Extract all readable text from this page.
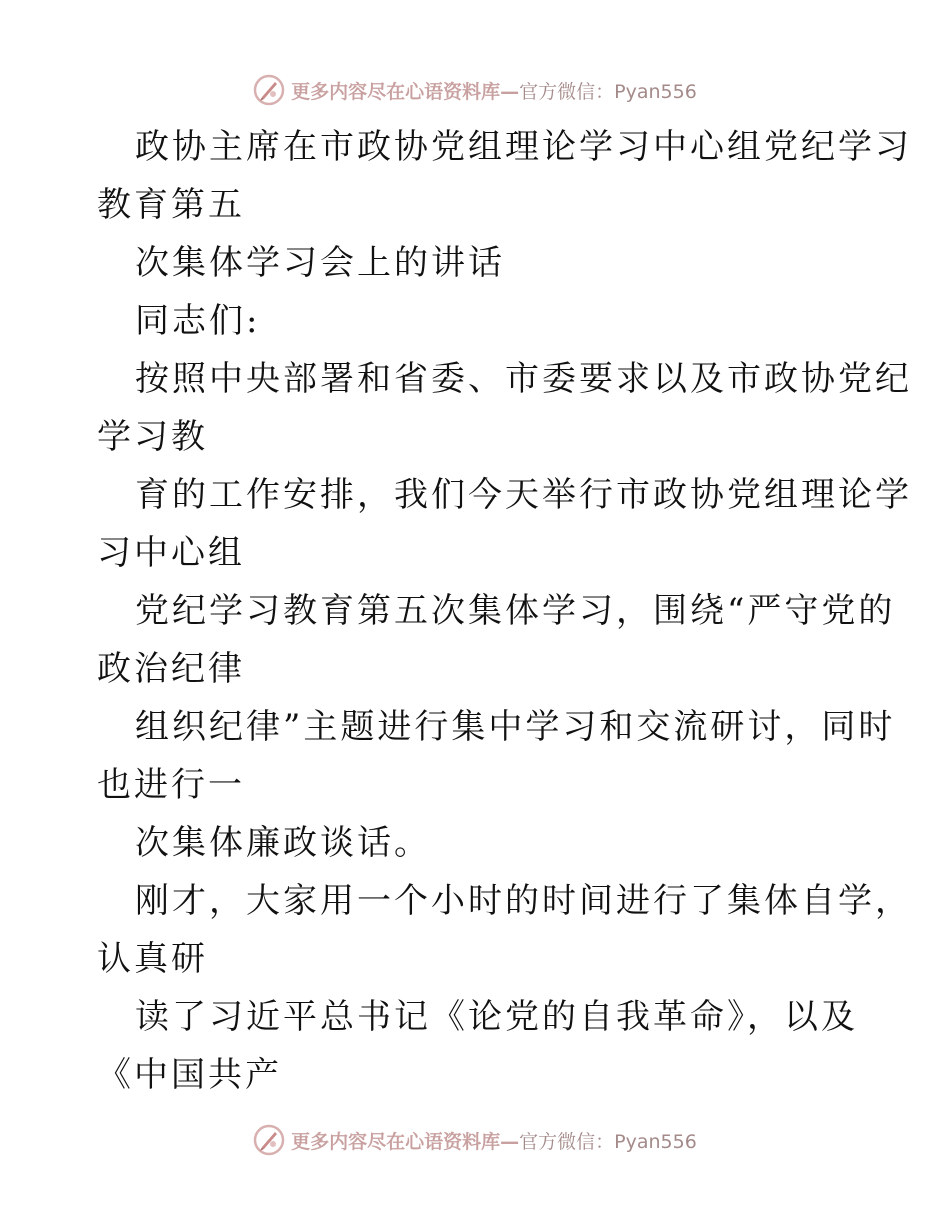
更多内容尽在心语资料库—官方微信：Pyan556
政协主席在市政协党组理论学习中心组党纪学习
教育第五
次集体学习会上的讲话
同志们:
按照中央部署和省委、市委要求以及市政协党纪
学习教
育的工作安排，我们今天举行市政协党组理论学
习中心组
党纪学习教育第五次集体学习，围绕“严守党的
政治纪律
组织纪律”主题进行集中学习和交流研讨，同时
也进行一
次集体廉政谈话。
刚才，大家用一个小时的时间进行了集体自学，
认真研
读了习近平总书记《论党的自我革命》，以及
《中国共产
更多内容尽在心语资料库—官方微信：Pyan556
